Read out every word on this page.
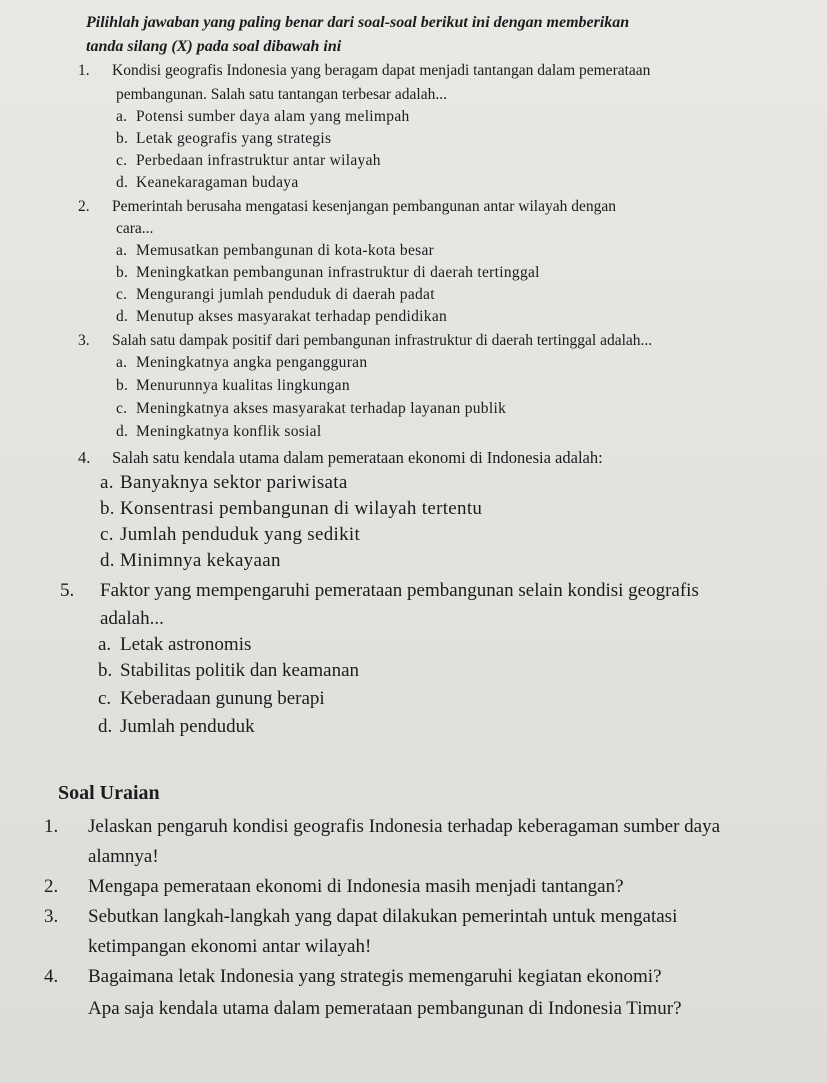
Pilihlah jawaban yang paling benar dari soal-soal berikut ini dengan memberikan
tanda silang (X) pada soal dibawah ini
1. Kondisi geografis Indonesia yang beragam dapat menjadi tantangan dalam pemerataan
pembangunan. Salah satu tantangan terbesar adalah...
a. Potensi sumber daya alam yang melimpah
b. Letak geografis yang strategis
c. Perbedaan infrastruktur antar wilayah
d. Keanekaragaman budaya
2. Pemerintah berusaha mengatasi kesenjangan pembangunan antar wilayah dengan
cara...
a. Memusatkan pembangunan di kota-kota besar
b. Meningkatkan pembangunan infrastruktur di daerah tertinggal
c. Mengurangi jumlah penduduk di daerah padat
d. Menutup akses masyarakat terhadap pendidikan
3. Salah satu dampak positif dari pembangunan infrastruktur di daerah tertinggal adalah...
a. Meningkatnya angka pengangguran
b. Menurunnya kualitas lingkungan
c. Meningkatnya akses masyarakat terhadap layanan publik
d. Meningkatnya konflik sosial
4. Salah satu kendala utama dalam pemerataan ekonomi di Indonesia adalah:
a. Banyaknya sektor pariwisata
b. Konsentrasi pembangunan di wilayah tertentu
c. Jumlah penduduk yang sedikit
d. Minimnya kekayaan
5.	Faktor yang mempengaruhi pemerataan pembangunan selain kondisi geografis
adalah...
a. Letak astronomis
b. Stabilitas politik dan keamanan
c. Keberadaan gunung berapi
d. Jumlah penduduk
Soal Uraian
1. Jelaskan pengaruh kondisi geografis Indonesia terhadap keberagaman sumber daya
alamnya!
2. Mengapa pemerataan ekonomi di Indonesia masih menjadi tantangan?
3. Sebutkan langkah-langkah yang dapat dilakukan pemerintah untuk mengatasi
ketimpangan ekonomi antar wilayah!
4. Bagaimana letak Indonesia yang strategis memengaruhi kegiatan ekonomi?
Apa saja kendala utama dalam pemerataan pembangunan di Indonesia Timur?
